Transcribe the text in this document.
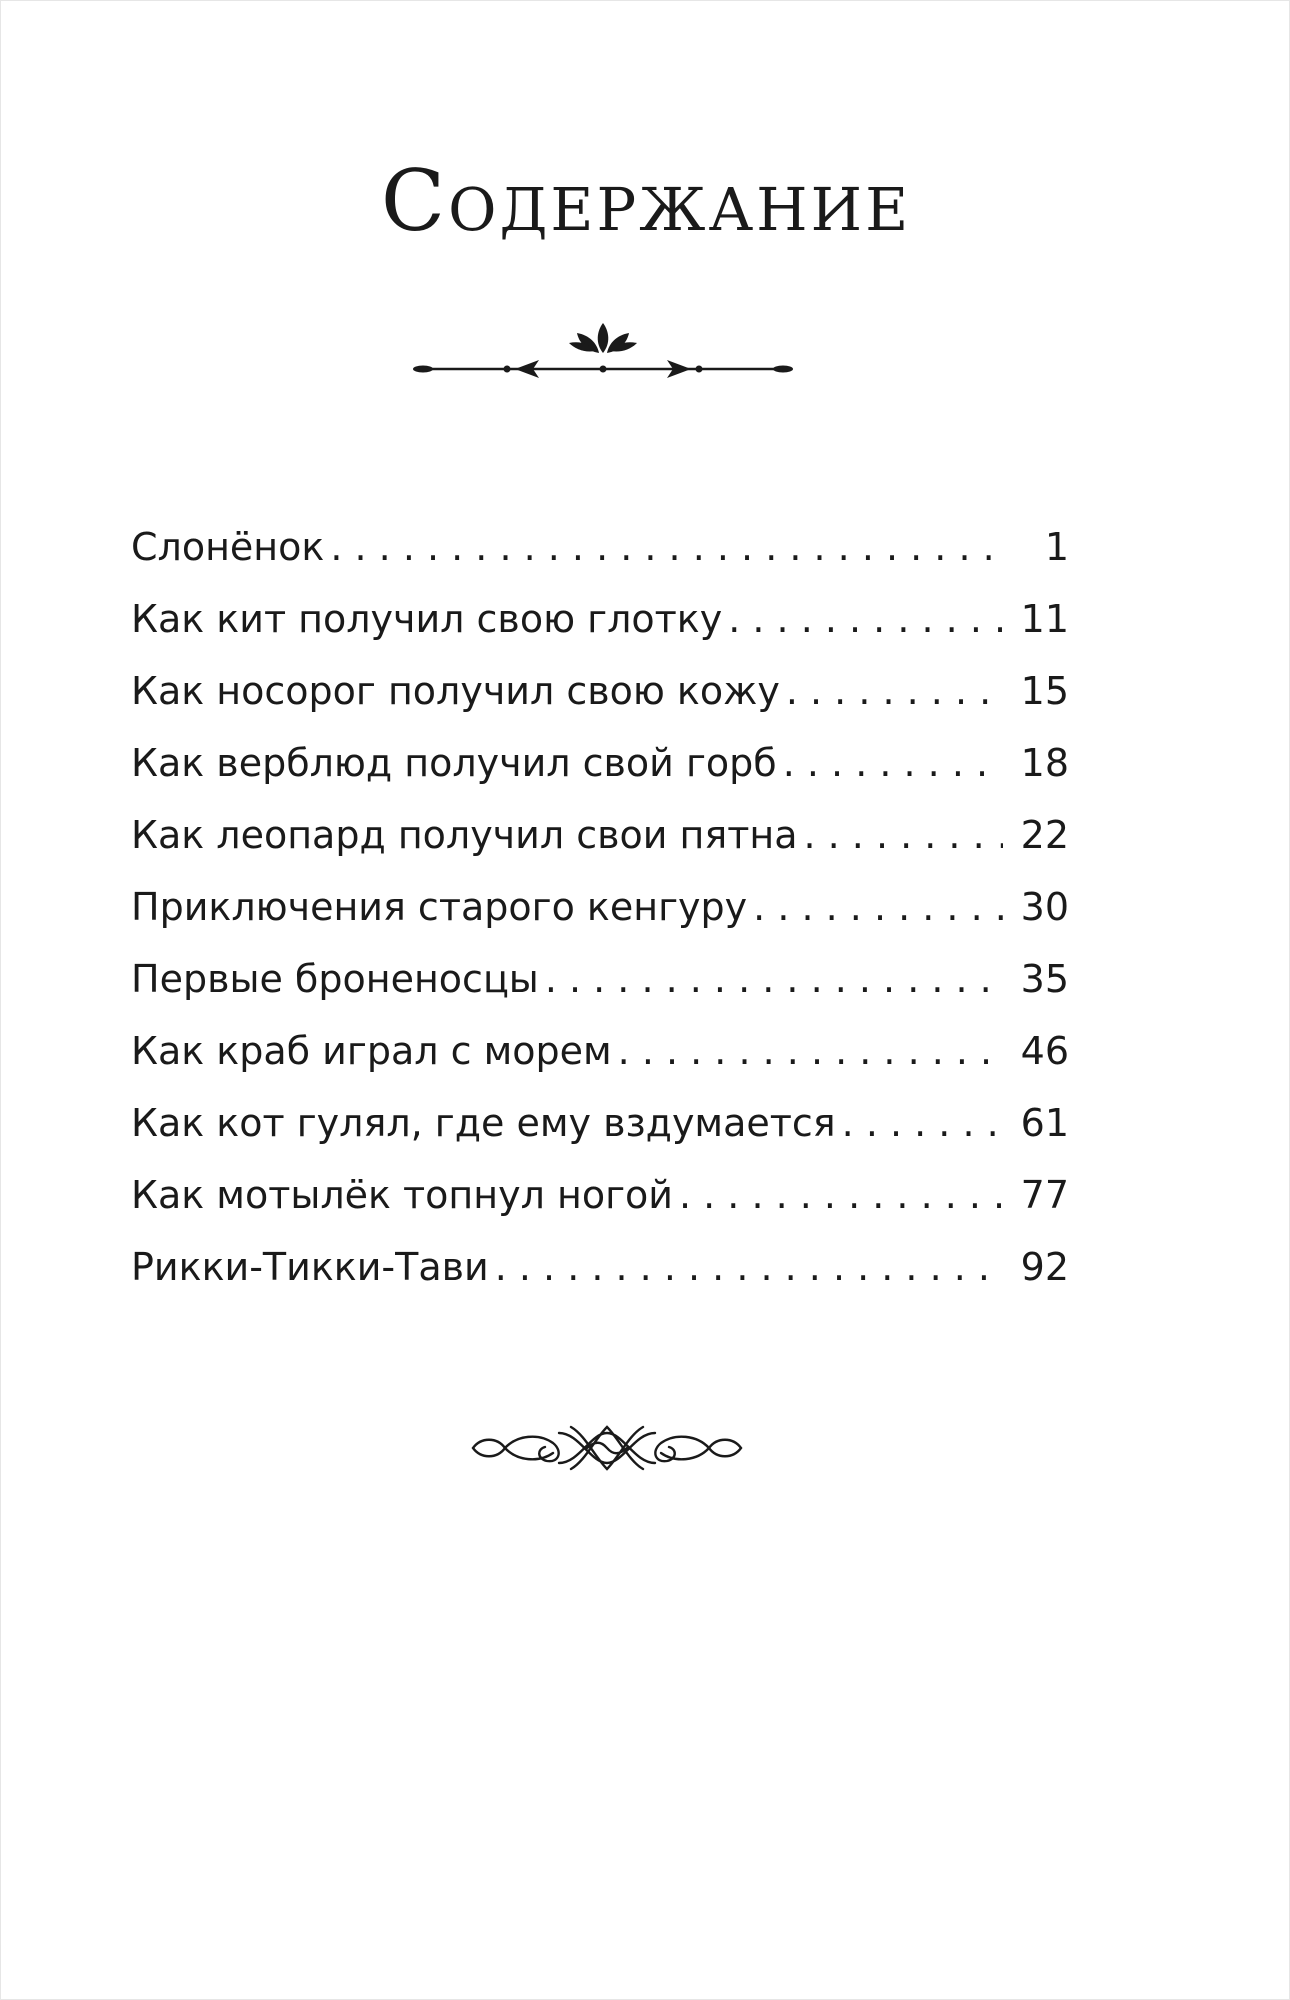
Содержание
Слонёнок . . .	1
Как кит получил свою глотку . . .	11
Как носорог получил свою кожу . . .	15
Как верблюд получил свой горб . . .	18
Как леопард получил свои пятна . . .	22
Приключения старого кенгуру . . .	30
Первые броненосцы . . .	35
Как краб играл с морем . . .	46
Как кот гулял, где ему вздумается . . .	61
Как мотылёк топнул ногой . . .	77
Рикки-Тикки-Тави . . .	92
